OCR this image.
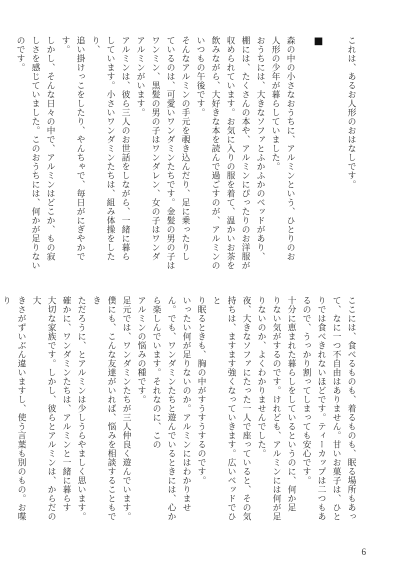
これは、あるお人形のおはなしです。
■
森の中の小さなおうちに、アルミンという、ひとりのお
人形の少年が暮らしていました。
おうちには、大きなソファとふかふかのベッドがあり、
棚には、たくさんの本や、アルミンにぴったりのお洋服が
収められています。お気に入りの服を着て、温かいお茶を
飲みながら、大好きな本を読んで過ごすのが、アルミンの
いつもの午後です。
そんなアルミンの手元を覗き込んだり、足に乗ったりし
ているのは、可愛いワンダミンたちです。金髪の男の子は
ワンミン、黒髪の男の子はワンダレン、女の子はワンダ
アルミンがいます。
アルミンは、彼ら三人のお世話をしながら、一緒に暮ら
しています。小さいワンダミンたちは、組み体操をしたり、
追い掛けっこをしたり、やんちゃで、毎日がにぎやかで
す。
しかし、そんな日々の中で、アルミンはどこか、もの寂
しさを感じていました。このおうちには、何かが足りない
のです。
ここには、食べるものも、着るものも、眠る場所もあっ
て、なに一つ不自由はありません。甘いお菓子は、ひと
りでは食べきれないほどです。ティーカップは二つもあ
るので、うっかり割ってしまっても安心です。
十分に恵まれた暮らしをしているというのに、何か足
りない気がするのです。けれども、アルミンには何が足
りないのか、よくわかりませんでした。
夜、大きなソファにたった一人で座っていると、その気
持ちは、ますます強くなっていきます。広いベッドでひと
り眠るときも、胸の中がすうすうするのです。
いったい何が足りないのか。アルミンにはわかりませ
ん。でも、ワンダミンたちと遊んでいるときには、心か
ら楽しんでいます。それなのに、この
アルミンの悩みの種です。
足元では、ワンダミンたちが三人仲良く遊んでいます。
僕にも、こんな友達がいれば、悩みを相談することもでき
ただろうに、とアルミンは少しうらやましく思います。
確かに、ワンダミンたちは、アルミンと一緒に暮らす
大切な家族です。しかし、彼らとアルミンは、からだの大
きさがずいぶん違いますし、使う言葉も別のもの。お喋り
6
